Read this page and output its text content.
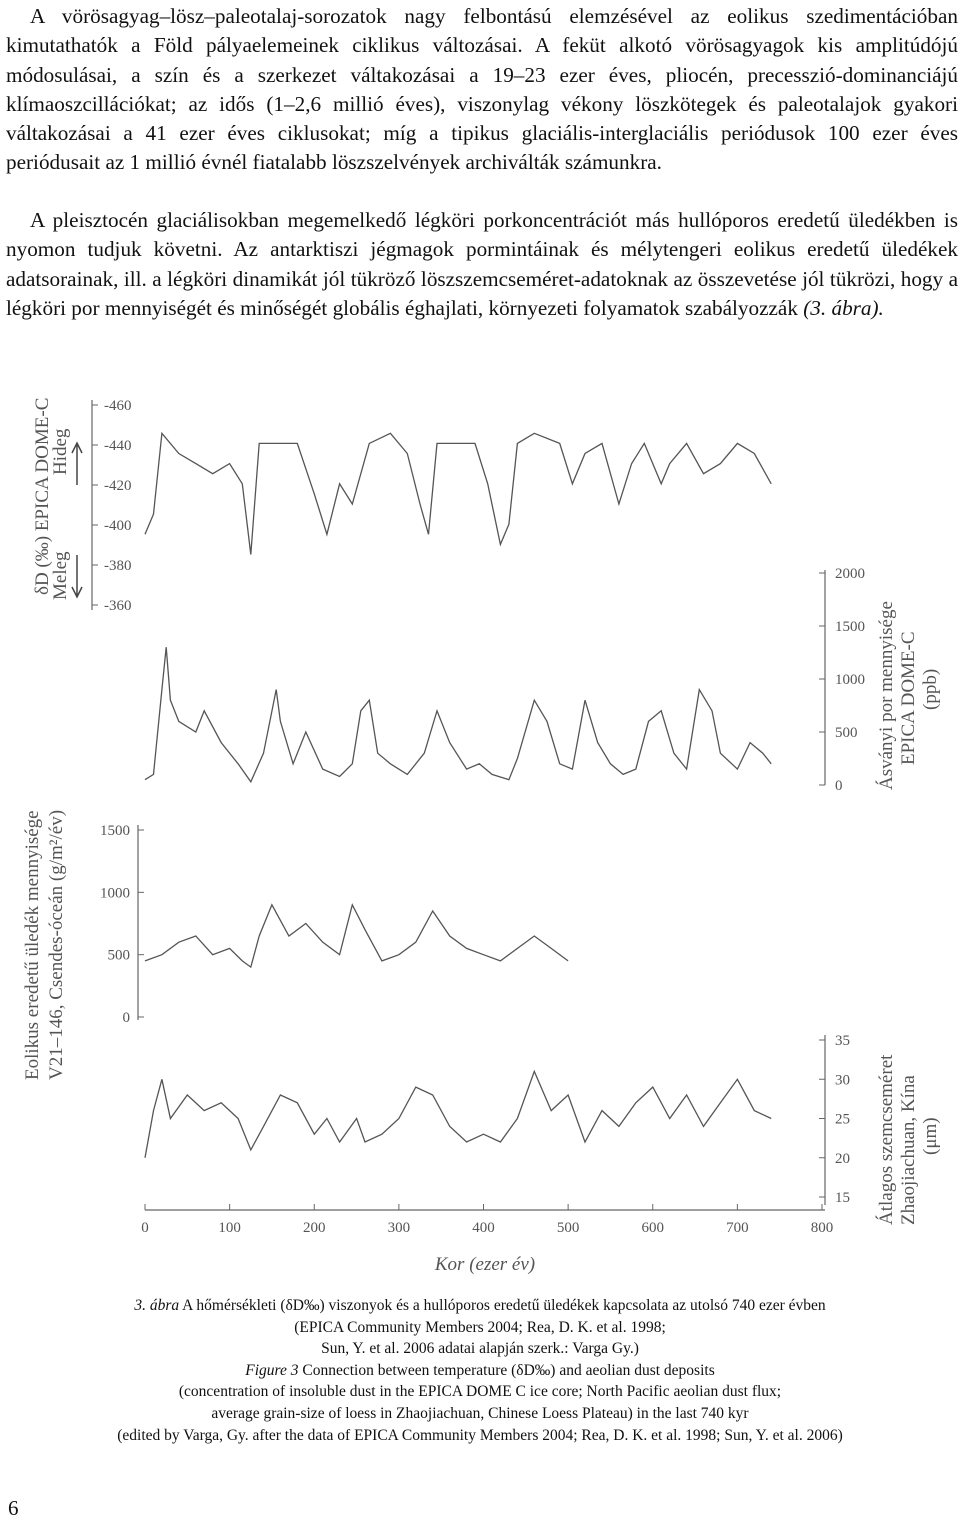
A vörösagyag–lösz–paleotalaj-sorozatok nagy felbontású elemzésével az eolikus szedimentációban kimutathatók a Föld pályaelemeinek ciklikus változásai. A feküt alkotó vörösagyagok kis amplitúdójú módosulásai, a szín és a szerkezet váltakozásai a 19–23 ezer éves, pliocén, precesszió-dominanciájú klímaoszcillációkat; az idős (1–2,6 millió éves), viszonylag vékony löszkötegek és paleotalajok gyakori váltakozásai a 41 ezer éves ciklusokat; míg a tipikus glaciális-interglaciális periódusok 100 ezer éves periódusait az 1 millió évnél fiatalabb löszszelvények archiválták számunkra.

A pleisztocén glaciálisokban megemelkedő légköri porkoncentrációt más hullóporos eredetű üledékben is nyomon tudjuk követni. Az antarktiszi jégmagok pormintáinak és mélytengeri eolikus eredetű üledékek adatsorainak, ill. a légköri dinamikát jól tükröző löszszemcseméret-adatoknak az összevetése jól tükrözi, hogy a légköri por mennyiségét és minőségét globális éghajlati, környezeti folyamatok szabályozzák (3. ábra).

-460
-440
-420
-400
-380
-360
δD (‰) EPICA DOME-C
Hideg
Meleg	2000
1500
1000
500
0 Ásványi por mennyisége EPICA DOME-C (ppb)
1500
1000
500
0
Eolikus eredetű üledék mennyisége V21–146, Csendes-óceán (g/m²/év)	35
30
25
20
15 Átlagos szemcseméret Zhaojiachuan, Kína (μm)
0	100	200	300	400	500	600	700	800
Kor (ezer év)
3. ábra A hőmérsékleti (δD‰) viszonyok és a hullóporos eredetű üledékek kapcsolata az utolsó 740 ezer évben
(EPICA Community Members 2004; Rea, D. K. et al. 1998;
Sun, Y. et al. 2006 adatai alapján szerk.: Varga Gy.)
Figure 3 Connection between temperature (δD‰) and aeolian dust deposits
(concentration of insoluble dust in the EPICA DOME C ice core; North Pacific aeolian dust flux;
average grain-size of loess in Zhaojiachuan, Chinese Loess Plateau) in the last 740 kyr
(edited by Varga, Gy. after the data of EPICA Community Members 2004; Rea, D. K. et al. 1998; Sun, Y. et al. 2006)
6
